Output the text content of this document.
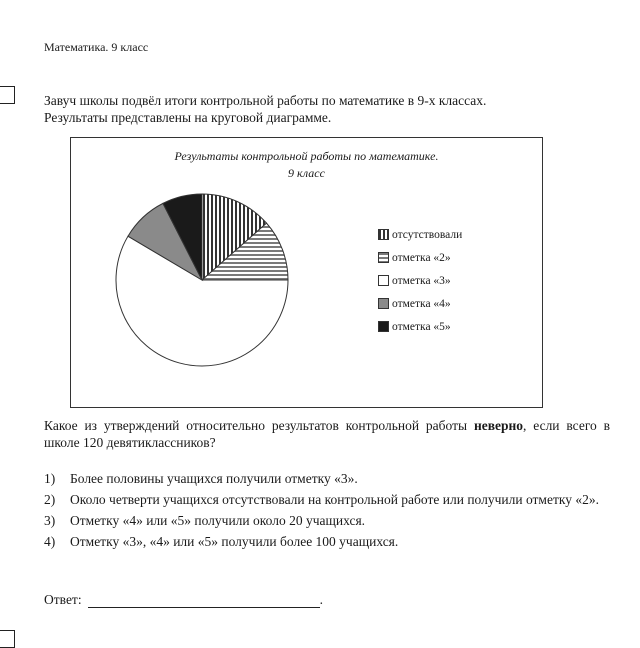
Математика. 9 класс
Завуч школы подвёл итоги контрольной работы по математике в 9-х классах.
Результаты представлены на круговой диаграмме.
Результаты контрольной работы по математике.
9 класс
отсутствовали
отметка «2»
отметка «3»
отметка «4»
отметка «5»
Какое из утверждений относительно результатов контрольной работы неверно, если всего в школе 120 девятиклассников?
1)	Более половины учащихся получили отметку «3».
2)	Около четверти учащихся отсутствовали на контрольной работе или получили отметку «2».
3)	Отметку «4» или «5» получили около 20 учащихся.
4)	Отметку «3», «4» или «5» получили более 100 учащихся.
Ответ:	.
